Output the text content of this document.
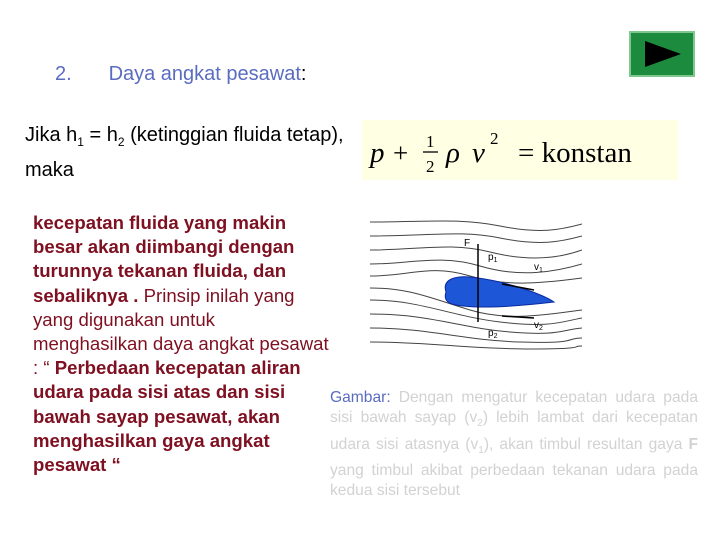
2. Daya angkat pesawat:
Jika $h_1 = h_2$ (ketinggian fluida tetap), maka
p + 1
2 ρ v 2 = konstan
kecepatan fluida yang makin besar akan diimbangi dengan turunnya tekanan fluida, dan sebaliknya . Prinsip inilah yang yang digunakan untuk menghasilkan daya angkat pesawat : “ Perbedaan kecepatan aliran udara pada sisi atas dan sisi bawah sayap pesawat, akan menghasilkan gaya angkat pesawat “
F
$p_1$
$v_1$
$p_2$
$v_2$
Gambar: Dengan mengatur kecepatan udara pada sisi bawah sayap $(v_2)$ lebih lambat dari kecepatan udara sisi atasnya $(v_1)$, akan timbul resultan gaya F yang timbul akibat perbedaan tekanan udara pada kedua sisi tersebut
